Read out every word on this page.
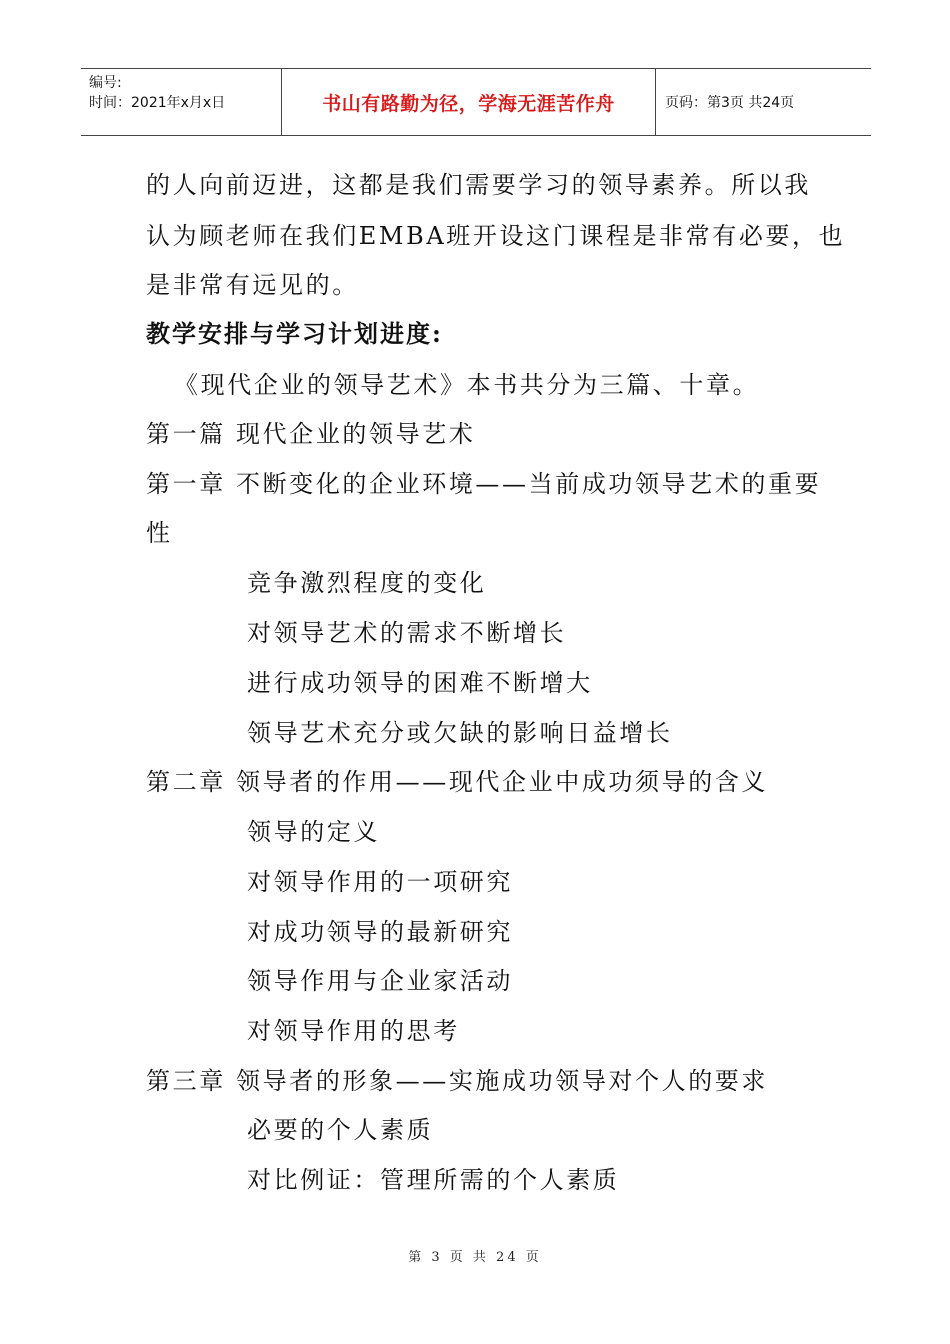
编号:
时间：2021年x月x日	书山有路勤为径，学海无涯苦作舟	页码：第3页 共24页
的人向前迈进，这都是我们需要学习的领导素养。所以我
认为顾老师在我们EMBA班开设这门课程是非常有必要，也
是非常有远见的。
教学安排与学习计划进度:
《现代企业的领导艺术》本书共分为三篇、十章。
第一篇 现代企业的领导艺术
第一章 不断变化的企业环境——当前成功领导艺术的重要
性
竞争激烈程度的变化
对领导艺术的需求不断增长
进行成功领导的困难不断增大
领导艺术充分或欠缺的影响日益增长
第二章 领导者的作用——现代企业中成功须导的含义
领导的定义
对领导作用的一项研究
对成功领导的最新研究
领导作用与企业家活动
对领导作用的思考
第三章 领导者的形象——实施成功领导对个人的要求
必要的个人素质
对比例证：管理所需的个人素质
第 3 页 共 24 页
